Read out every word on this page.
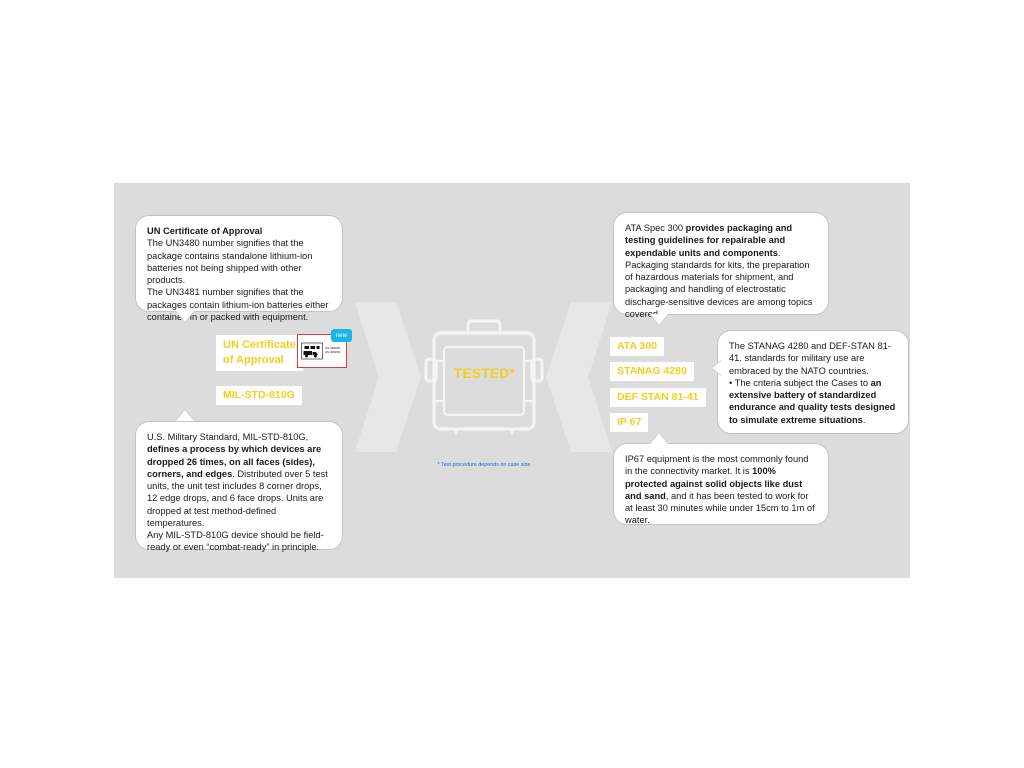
TESTED*
* Test procedure depends on case size
UN Certificate
of Approval
MIL-STD-810G
UN 3480/81
UN 3090/91
new
ATA 300
STANAG 4280
DEF STAN 81-41
IP 67

UN Certificate of Approval

The UN3480 number signifies that the package contains standalone lithium-ion batteries not being shipped with other products.

The UN3481 number signifies that the packages contain lithium-ion batteries either contained in or packed with equipment.

U.S. Military Standard, MIL-STD-810G, defines a process by which devices are dropped 26 times, on all faces (sides), corners, and edges. Distributed over 5 test units, the unit test includes 8 corner drops, 12 edge drops, and 6 face drops. Units are dropped at test method-defined temperatures.

Any MIL-STD-810G device should be field-ready or even “combat-ready” in principle.

ATA Spec 300 provides packaging and testing guidelines for repairable and expendable units and components. Packaging standards for kits, the preparation of hazardous materials for shipment, and packaging and handling of electrostatic discharge-sensitive devices are among topics covered.

The STANAG 4280 and DEF-STAN 81-41. standards for military use are embraced by the NATO countries.

• The criteria subject the Cases to an extensive battery of standardized endurance and quality tests designed to simulate extreme situations.

IP67 equipment is the most commonly found in the connectivity market. It is 100% protected against solid objects like dust and sand, and it has been tested to work for at least 30 minutes while under 15cm to 1m of water.
